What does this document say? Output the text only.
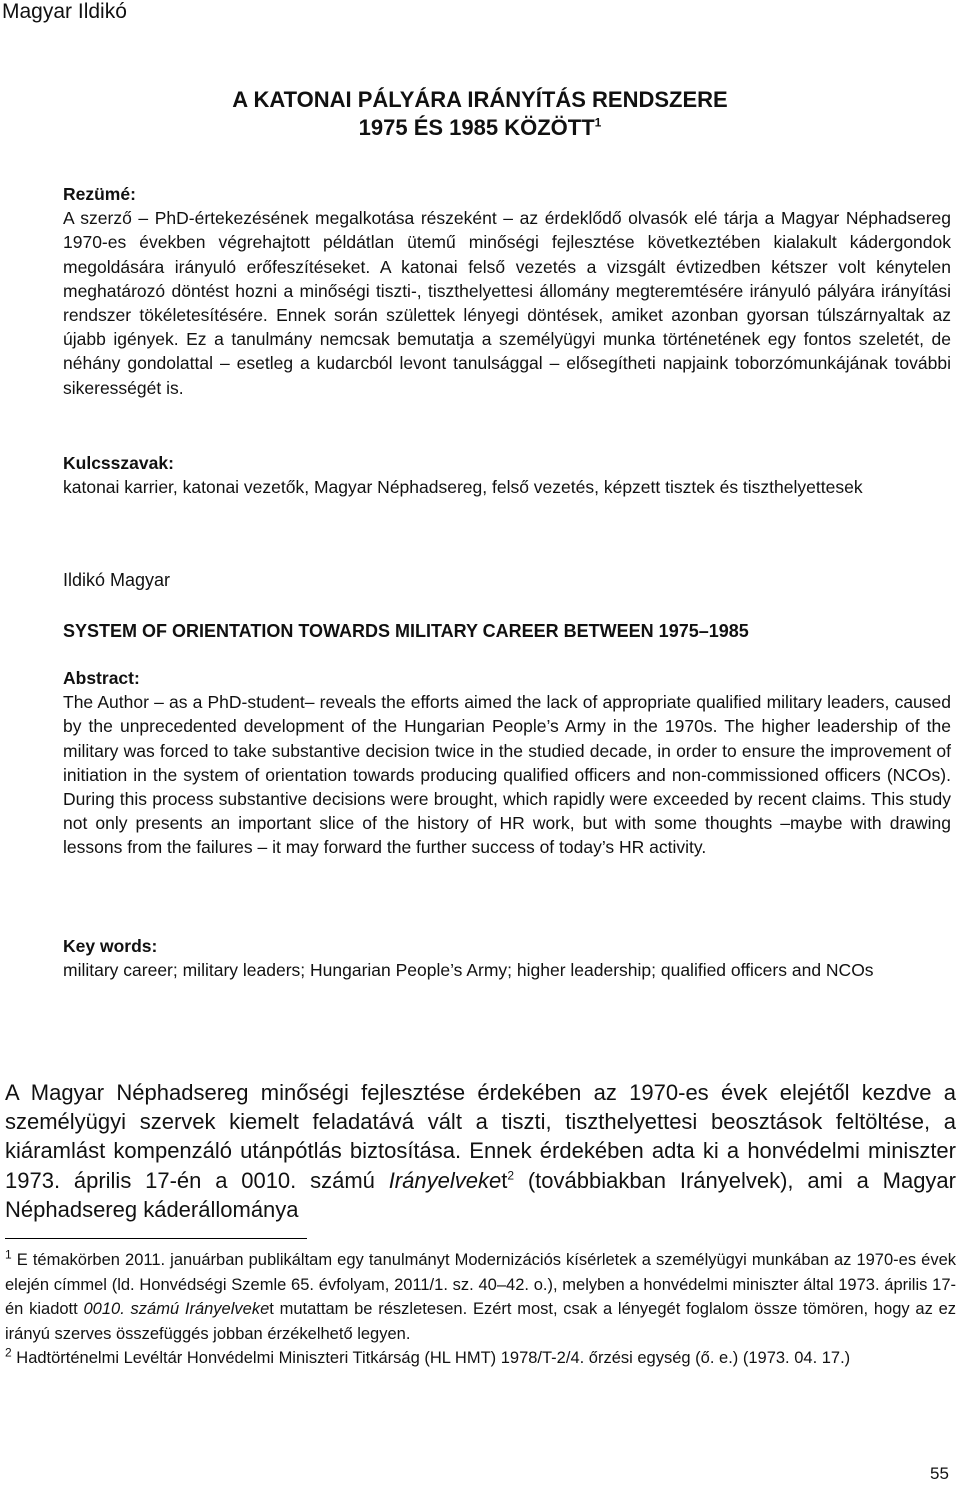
Magyar Ildikó
A KATONAI PÁLYÁRA IRÁNYÍTÁS RENDSZERE
1975 ÉS 1985 KÖZÖTT$^1$
Rezümé:
A szerző – PhD-értekezésének megalkotása részeként – az érdeklődő olvasók elé tárja a Magyar Néphadsereg 1970-es években végrehajtott példátlan ütemű minőségi fejlesztése következtében kialakult kádergondok megoldására irányuló erőfeszítéseket. A katonai felső vezetés a vizsgált évtizedben kétszer volt kénytelen meghatározó döntést hozni a minőségi tiszti-, tiszthelyettesi állomány megteremtésére irányuló pályára irányítási rendszer tökéletesítésére. Ennek során születtek lényegi döntések, amiket azonban gyorsan túlszárnyaltak az újabb igények. Ez a tanulmány nemcsak bemutatja a személyügyi munka történetének egy fontos szeletét, de néhány gondolattal – esetleg a kudarcból levont tanulsággal – elősegítheti napjaink toborzómunkájának további sikerességét is.
Kulcsszavak:
katonai karrier, katonai vezetők, Magyar Néphadsereg, felső vezetés, képzett tisztek és tiszthelyettesek
Ildikó Magyar
SYSTEM OF ORIENTATION TOWARDS MILITARY CAREER BETWEEN 1975–1985
Abstract:
The Author – as a PhD-student– reveals the efforts aimed the lack of appropriate qualified military leaders, caused by the unprecedented development of the Hungarian People’s Army in the 1970s. The higher leadership of the military was forced to take substantive decision twice in the studied decade, in order to ensure the improvement of initiation in the system of orientation towards producing qualified officers and non-commissioned officers (NCOs). During this process substantive decisions were brought, which rapidly were exceeded by recent claims. This study not only presents an important slice of the history of HR work, but with some thoughts –maybe with drawing lessons from the failures – it may forward the further success of today’s HR activity.
Key words:
military career; military leaders; Hungarian People’s Army; higher leadership; qualified officers and NCOs
A Magyar Néphadsereg minőségi fejlesztése érdekében az 1970-es évek elejétől kezdve a személyügyi szervek kiemelt feladatává vált a tiszti, tiszthelyettesi beosztások feltöltése, a kiáramlást kompenzáló utánpótlás biztosítása. Ennek érdekében adta ki a honvédelmi miniszter 1973. április 17-én a 0010. számú Irányelveket$^2$ (továbbiakban Irányelvek), ami a Magyar Néphadsereg káderállománya
$^1$ E témakörben 2011. januárban publikáltam egy tanulmányt Modernizációs kísérletek a személyügyi munkában az 1970-es évek elején címmel (ld. Honvédségi Szemle 65. évfolyam, 2011/1. sz. 40–42. o.), melyben a honvédelmi miniszter által 1973. április 17-én kiadott 0010. számú Irányelveket mutattam be részletesen. Ezért most, csak a lényegét foglalom össze tömören, hogy az ez irányú szerves összefüggés jobban érzékelhető legyen.
$^2$ Hadtörténelmi Levéltár Honvédelmi Miniszteri Titkárság (HL HMT) 1978/T-2/4. őrzési egység (ő. e.) (1973. 04. 17.)
55
